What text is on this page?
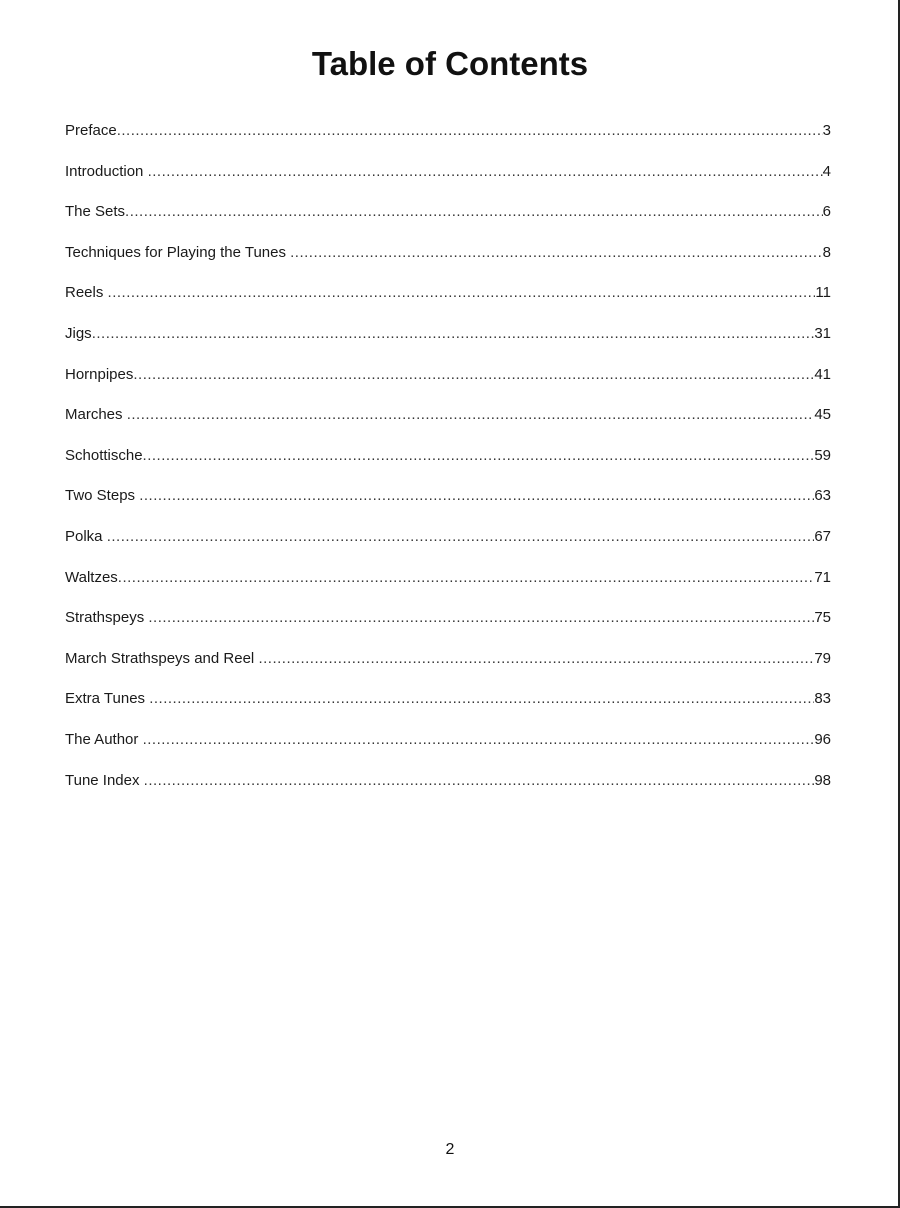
Table of Contents
Preface .....	3
Introduction .....	4
The Sets .....	6
Techniques for Playing the Tunes .....	8
Reels .....	11
Jigs .....	31
Hornpipes .....	41
Marches .....	45
Schottische .....	59
Two Steps .....	63
Polka .....	67
Waltzes .....	71
Strathspeys .....	75
March Strathspeys and Reel .....	79
Extra Tunes .....	83
The Author .....	96
Tune Index .....	98
2
